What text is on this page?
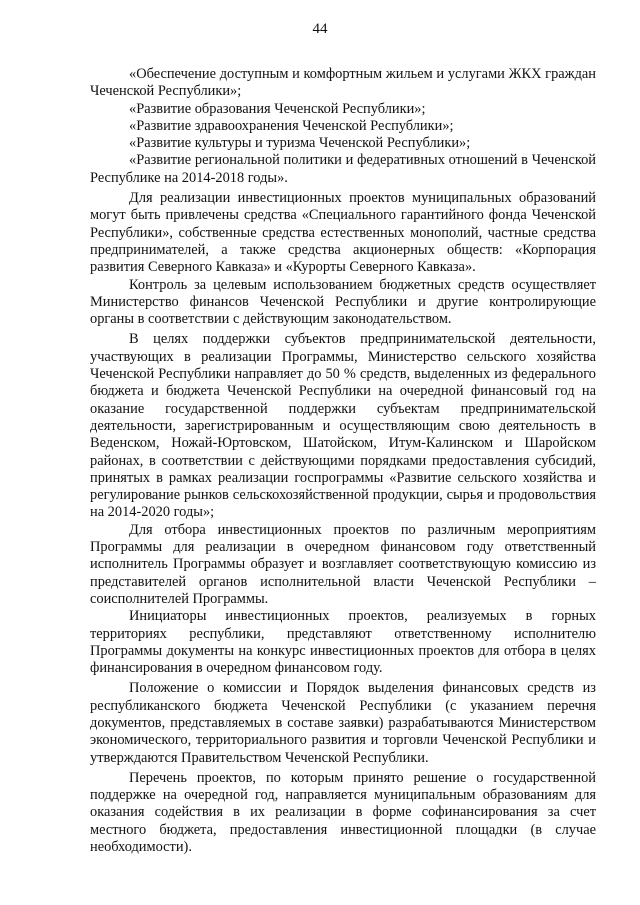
44

«Обеспечение доступным и комфортным жильем и услугами ЖКХ граждан Чеченской Республики»;

«Развитие образования Чеченской Республики»;

«Развитие здравоохранения Чеченской Республики»;

«Развитие культуры и туризма Чеченской Республики»;

«Развитие региональной политики и федеративных отношений в Чеченской Республике на 2014-2018 годы».

Для реализации инвестиционных проектов муниципальных образований могут быть привлечены средства «Специального гарантийного фонда Чеченской Республики», собственные средства естественных монополий, частные средства предпринимателей, а также средства акционерных обществ: «Корпорация развития Северного Кавказа» и «Курорты Северного Кавказа».

Контроль за целевым использованием бюджетных средств осуществляет Министерство финансов Чеченской Республики и другие контролирующие органы в соответствии с действующим законодательством.

В целях поддержки субъектов предпринимательской деятельности, участвующих в реализации Программы, Министерство сельского хозяйства Чеченской Республики направляет до 50 % средств, выделенных из федерального бюджета и бюджета Чеченской Республики на очередной финансовый год на оказание государственной поддержки субъектам предпринимательской деятельности, зарегистрированным и осуществляющим свою деятельность в Веденском, Ножай-Юртовском, Шатойском, Итум-Калинском и Шаройском районах, в соответствии с действующими порядками предоставления субсидий, принятых в рамках реализации госпрограммы «Развитие сельского хозяйства и регулирование рынков сельскохозяйственной продукции, сырья и продовольствия на 2014-2020 годы»;

Для отбора инвестиционных проектов по различным мероприятиям Программы для реализации в очередном финансовом году ответственный исполнитель Программы образует и возглавляет соответствующую комиссию из представителей органов исполнительной власти Чеченской Республики – соисполнителей Программы.

Инициаторы инвестиционных проектов, реализуемых в горных территориях республики, представляют ответственному исполнителю Программы документы на конкурс инвестиционных проектов для отбора в целях финансирования в очередном финансовом году.

Положение о комиссии и Порядок выделения финансовых средств из республиканского бюджета Чеченской Республики (с указанием перечня документов, представляемых в составе заявки) разрабатываются Министерством экономического, территориального развития и торговли Чеченской Республики и утверждаются Правительством Чеченской Республики.

Перечень проектов, по которым принято решение о государственной поддержке на очередной год, направляется муниципальным образованиям для оказания содействия в их реализации в форме софинансирования за счет местного бюджета, предоставления инвестиционной площадки (в случае необходимости).
